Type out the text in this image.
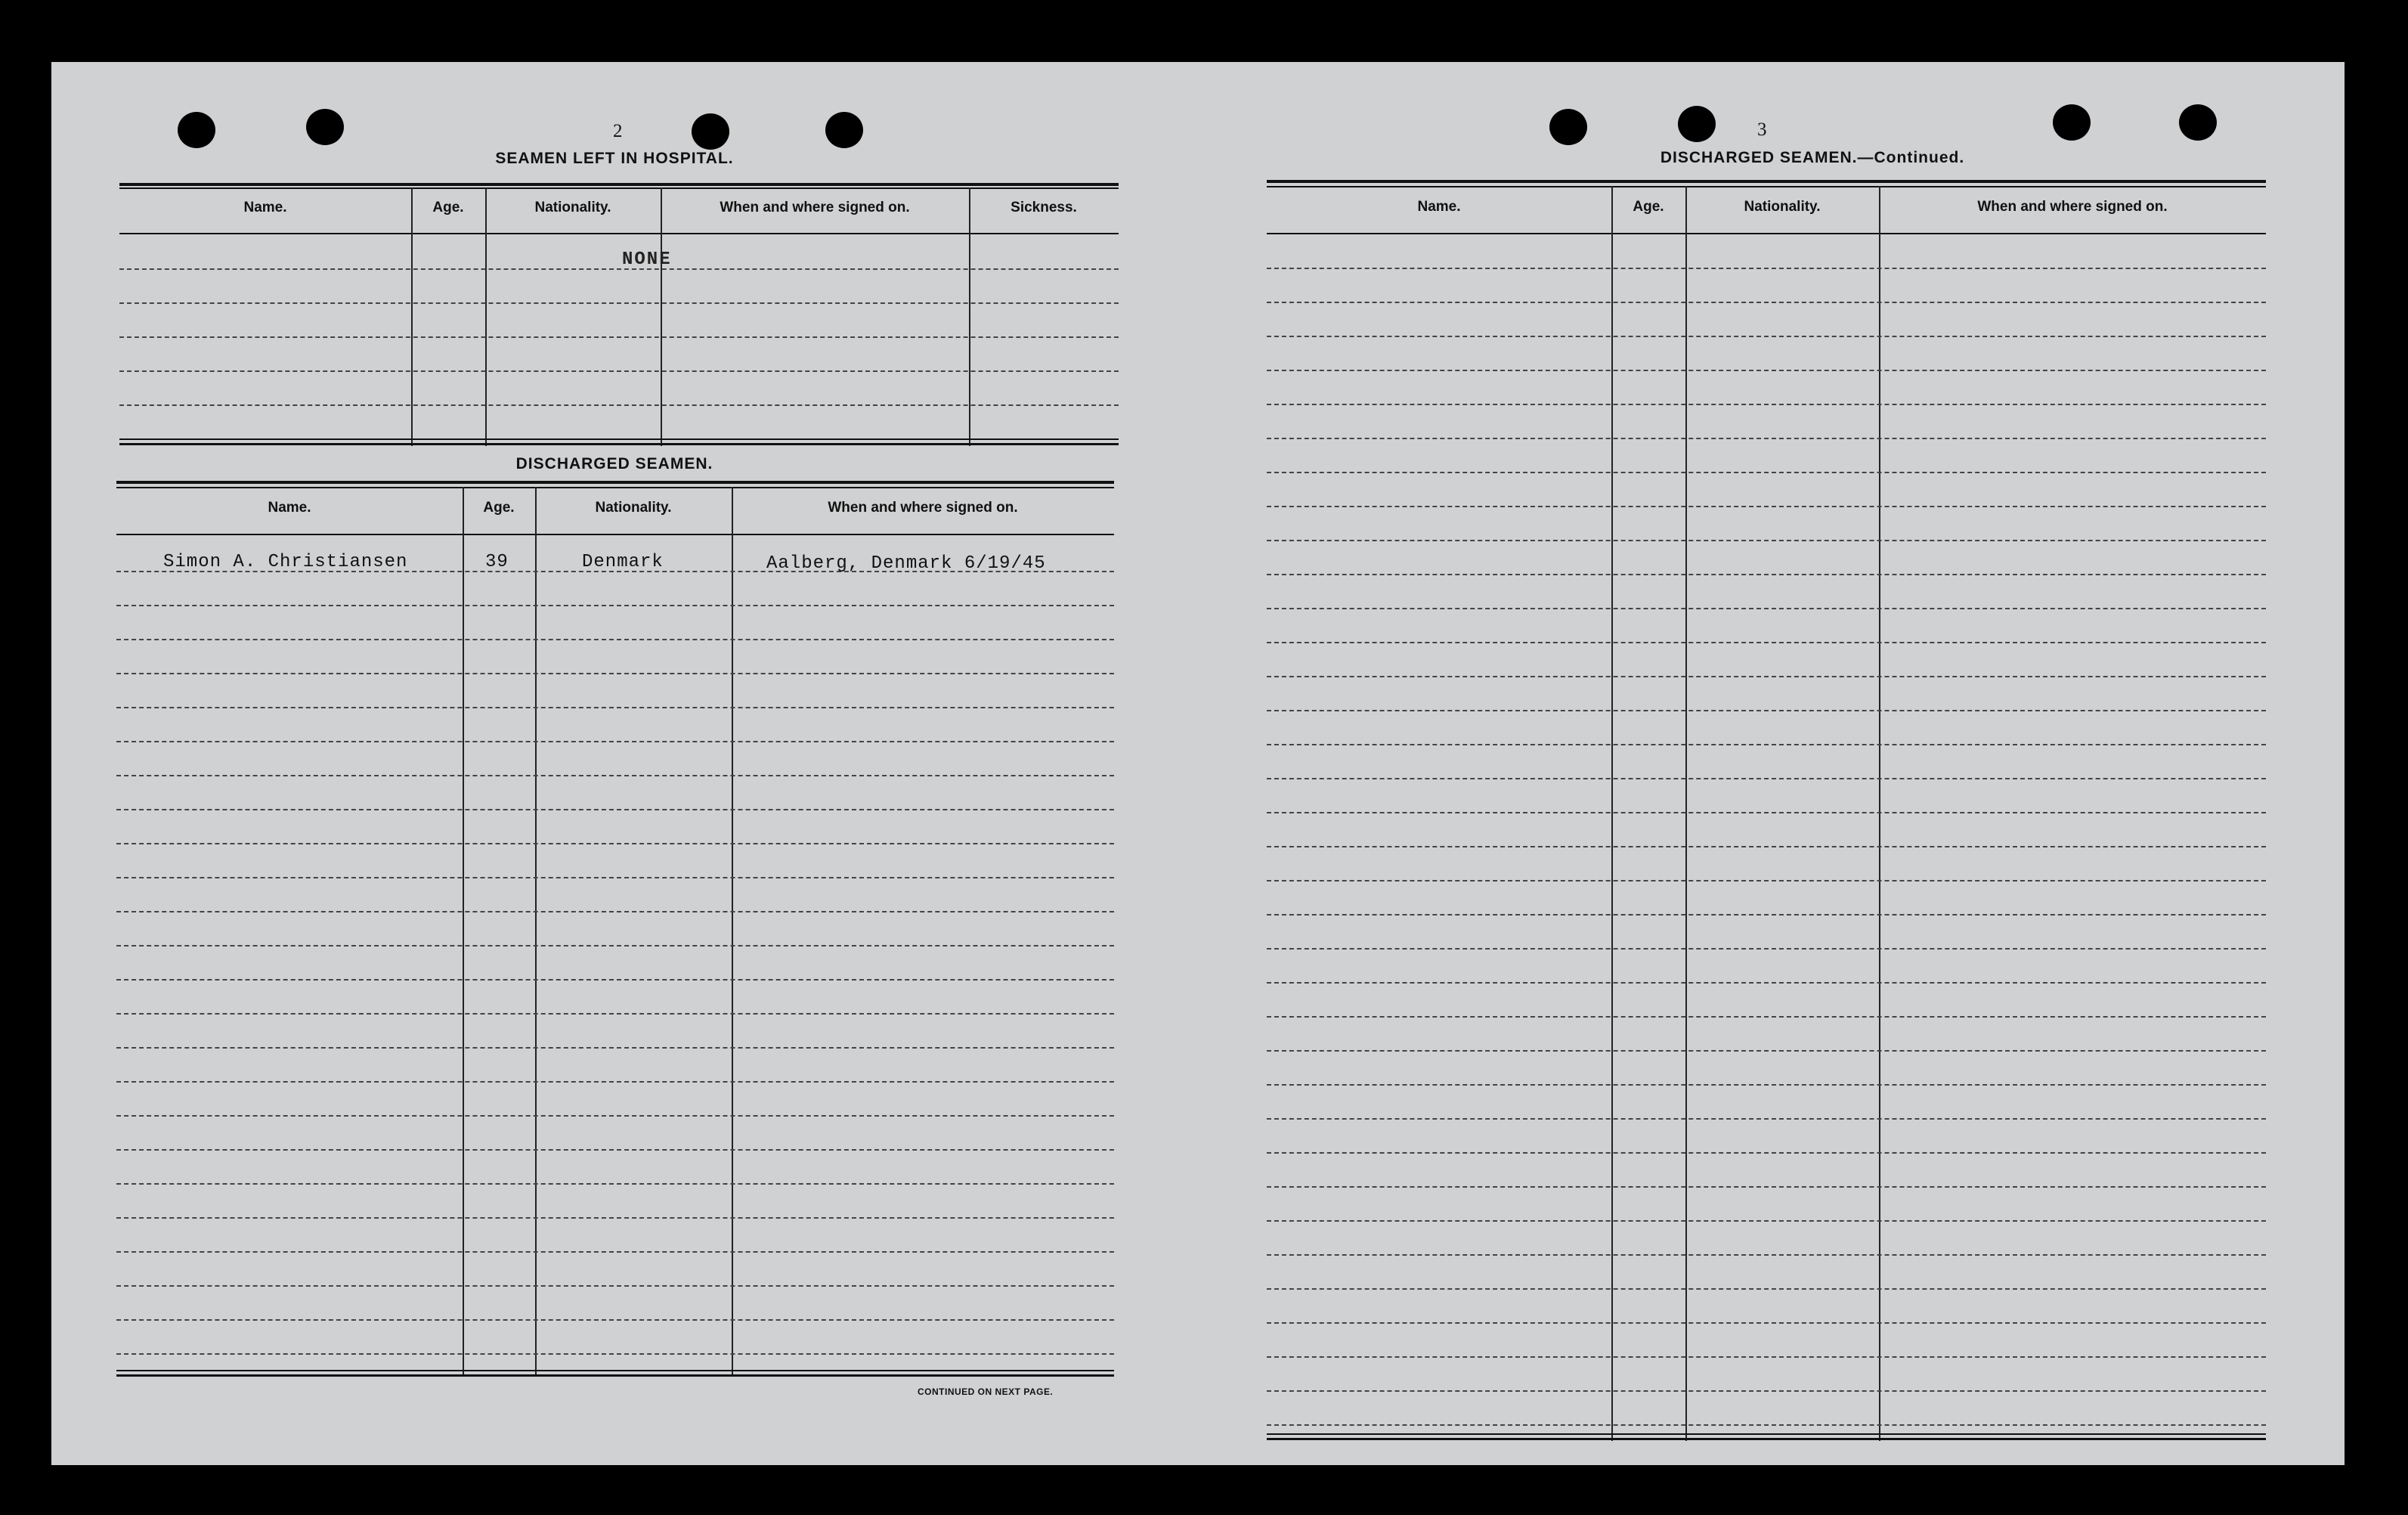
2
SEAMEN LEFT IN HOSPITAL.
Name.	Age.	Nationality.	When and where signed on.	Sickness.
NONE
DISCHARGED SEAMEN.
Name.	Age.	Nationality.	When and where signed on.
Simon A. Christiansen	39	Denmark	Aalberg, Denmark 6/19/45
CONTINUED ON NEXT PAGE.
3
DISCHARGED SEAMEN.—Continued.
Name.	Age.	Nationality.	When and where signed on.
